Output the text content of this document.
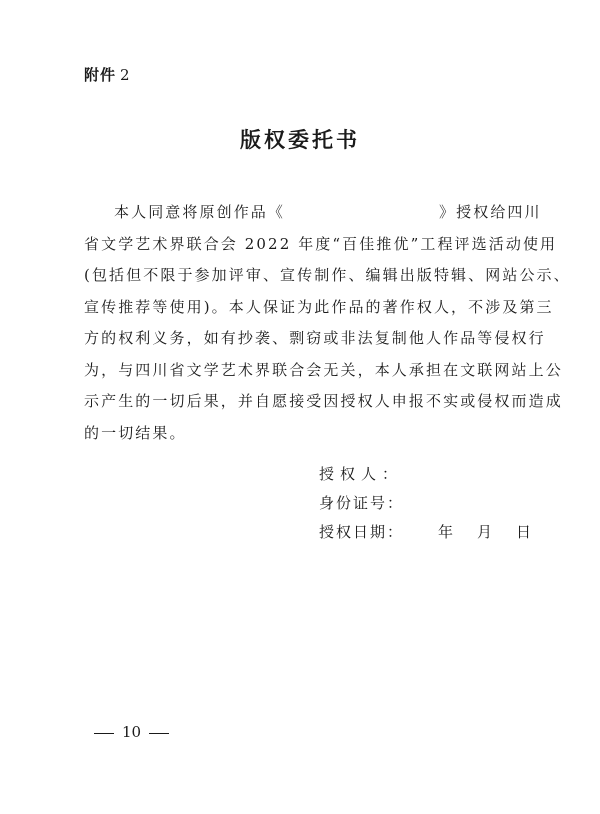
附件 2
版权委托书
本人同意将原创作品《	》授权给四川
省文学艺术界联合会 2022 年度“百佳推优”工程评选活动使用
(包括但不限于参加评审、宣传制作、编辑出版特辑、网站公示、
宣传推荐等使用)。本人保证为此作品的著作权人，不涉及第三
方的权利义务，如有抄袭、剽窃或非法复制他人作品等侵权行
为，与四川省文学艺术界联合会无关，本人承担在文联网站上公
示产生的一切后果，并自愿接受因授权人申报不实或侵权而造成
的一切结果。
授权人：
身份证号：
授权日期： 年 月 日
10
